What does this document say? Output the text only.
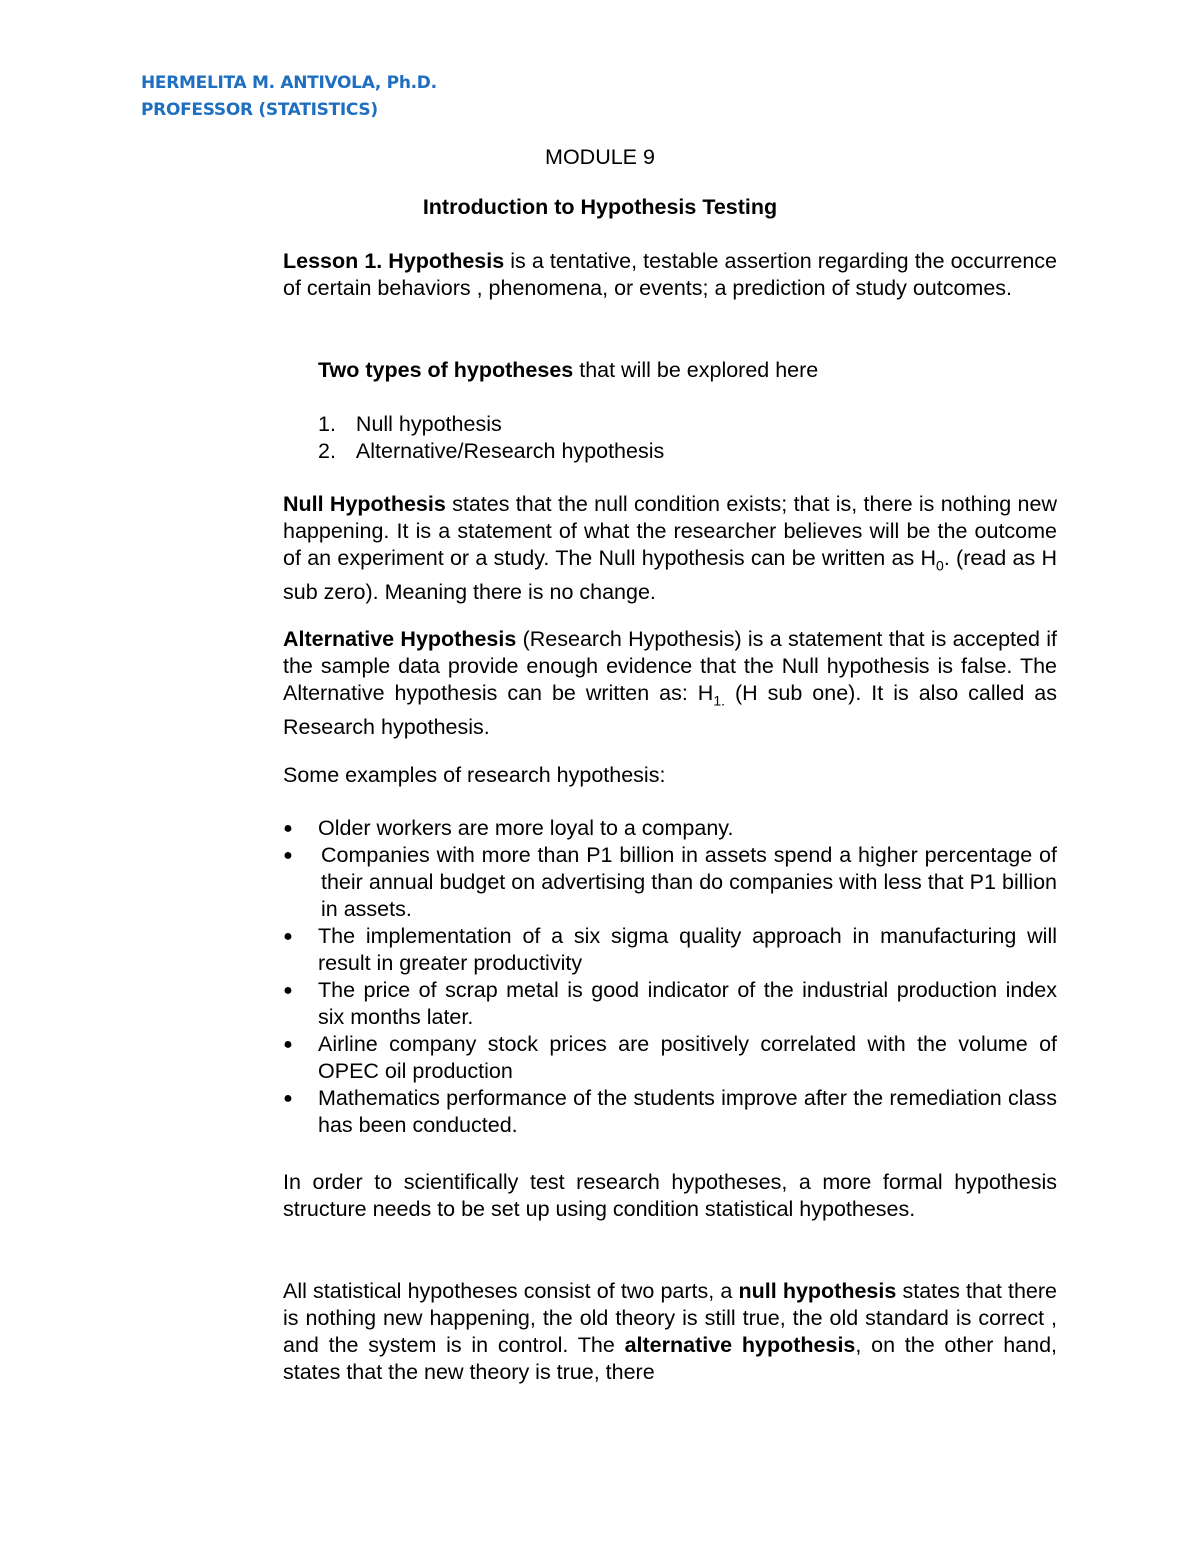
HERMELITA M. ANTIVOLA, Ph.D.
PROFESSOR (STATISTICS)
MODULE 9
Introduction to Hypothesis Testing
Lesson 1. Hypothesis is a tentative, testable assertion regarding the occurrence of certain behaviors , phenomena, or events; a prediction of study outcomes.
Two types of hypotheses that will be explored here
1. Null hypothesis
2. Alternative/Research hypothesis
Null Hypothesis states that the null condition exists; that is, there is nothing new happening. It is a statement of what the researcher believes will be the outcome of an experiment or a study. The Null hypothesis can be written as $H_0$. (read as H sub zero). Meaning there is no change.
Alternative Hypothesis (Research Hypothesis) is a statement that is accepted if the sample data provide enough evidence that the Null hypothesis is false. The Alternative hypothesis can be written as: $H_{1.}$ (H sub one). It is also called as Research hypothesis.
Some examples of research hypothesis:
● Older workers are more loyal to a company.
● Companies with more than P1 billion in assets spend a higher percentage of their annual budget on advertising than do companies with less that P1 billion in assets.
● The implementation of a six sigma quality approach in manufacturing will result in greater productivity
● The price of scrap metal is good indicator of the industrial production index six months later.
● Airline company stock prices are positively correlated with the volume of OPEC oil production
● Mathematics performance of the students improve after the remediation class has been conducted.
In order to scientifically test research hypotheses, a more formal hypothesis structure needs to be set up using condition statistical hypotheses.
All statistical hypotheses consist of two parts, a null hypothesis states that there is nothing new happening, the old theory is still true, the old standard is correct , and the system is in control. The alternative hypothesis, on the other hand, states that the new theory is true, there
